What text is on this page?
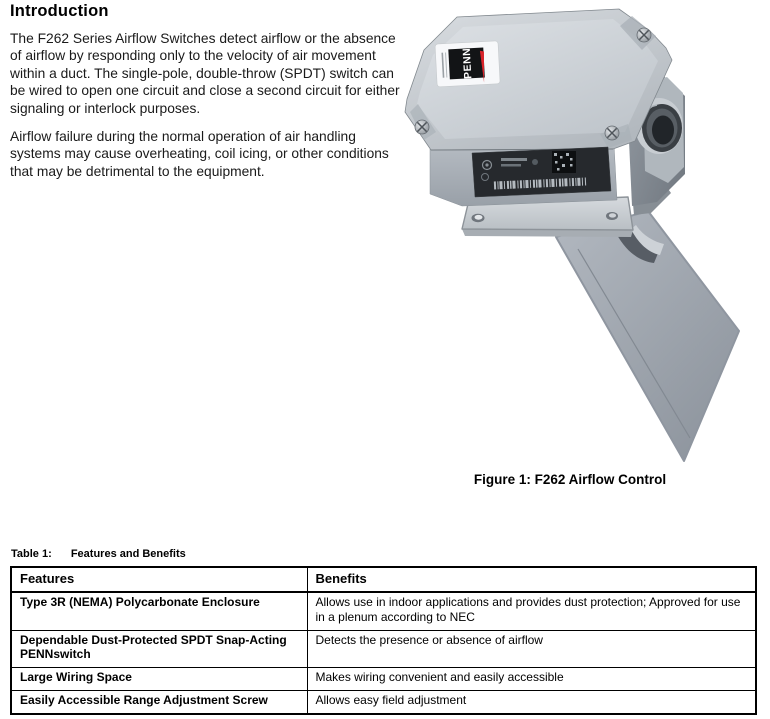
Introduction

The F262 Series Airflow Switches detect airflow or the absence of airflow by responding only to the velocity of air movement within a duct. The single-pole, double-throw (SPDT) switch can be wired to open one circuit and close a second circuit for either signaling or interlock purposes.

Airflow failure during the normal operation of air handling systems may cause overheating, coil icing, or other conditions that may be detrimental to the equipment.

PENN
Figure 1: F262 Airflow Control
Table 1: Features and Benefits
Features	Benefits
Type 3R (NEMA) Polycarbonate Enclosure	Allows use in indoor applications and provides dust protection; Approved for use in a plenum according to NEC
Dependable Dust-Protected SPDT Snap-Acting PENNswitch	Detects the presence or absence of airflow
Large Wiring Space	Makes wiring convenient and easily accessible
Easily Accessible Range Adjustment Screw	Allows easy field adjustment
